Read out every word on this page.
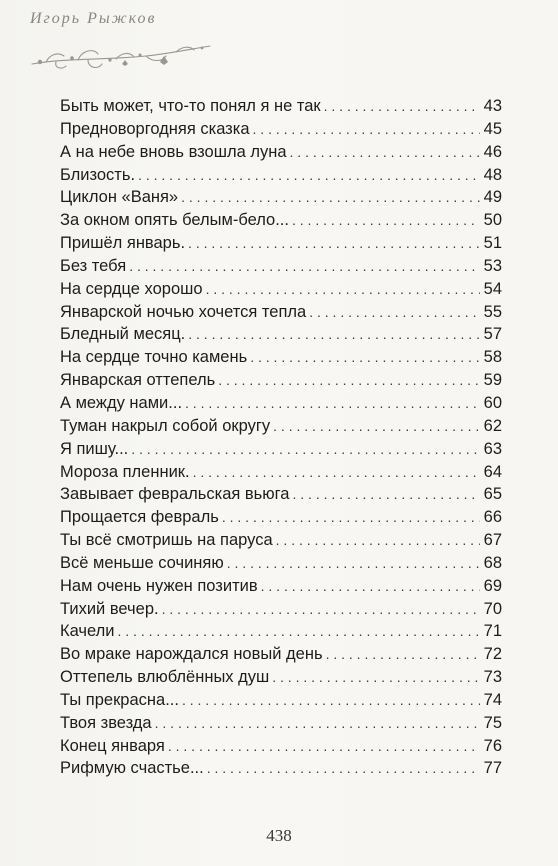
Игорь Рыжков
Быть может, что-то понял я не так . . .	43
Предноворгодняя сказка . . .	45
А на небе вновь взошла луна . . .	46
Близость. . . .	48
Циклон «Ваня» . . .	49
За окном опять белым-бело... . . .	50
Пришёл январь. . . .	51
Без тебя . . .	53
На сердце хорошо . . .	54
Январской ночью хочется тепла . . .	55
Бледный месяц. . . .	57
На сердце точно камень . . .	58
Январская оттепель . . .	59
А между нами... . . .	60
Туман накрыл собой округу . . .	62
Я пишу... . . .	63
Мороза пленник. . . .	64
Завывает февральская вьюга . . .	65
Прощается февраль . . .	66
Ты всё смотришь на паруса . . .	67
Всё меньше сочиняю . . .	68
Нам очень нужен позитив . . .	69
Тихий вечер. . . .	70
Качели . . .	71
Во мраке нарождался новый день . . .	72
Оттепель влюблённых душ . . .	73
Ты прекрасна... . . .	74
Твоя звезда . . .	75
Конец января . . .	76
Рифмую счастье... . . .	77
438
